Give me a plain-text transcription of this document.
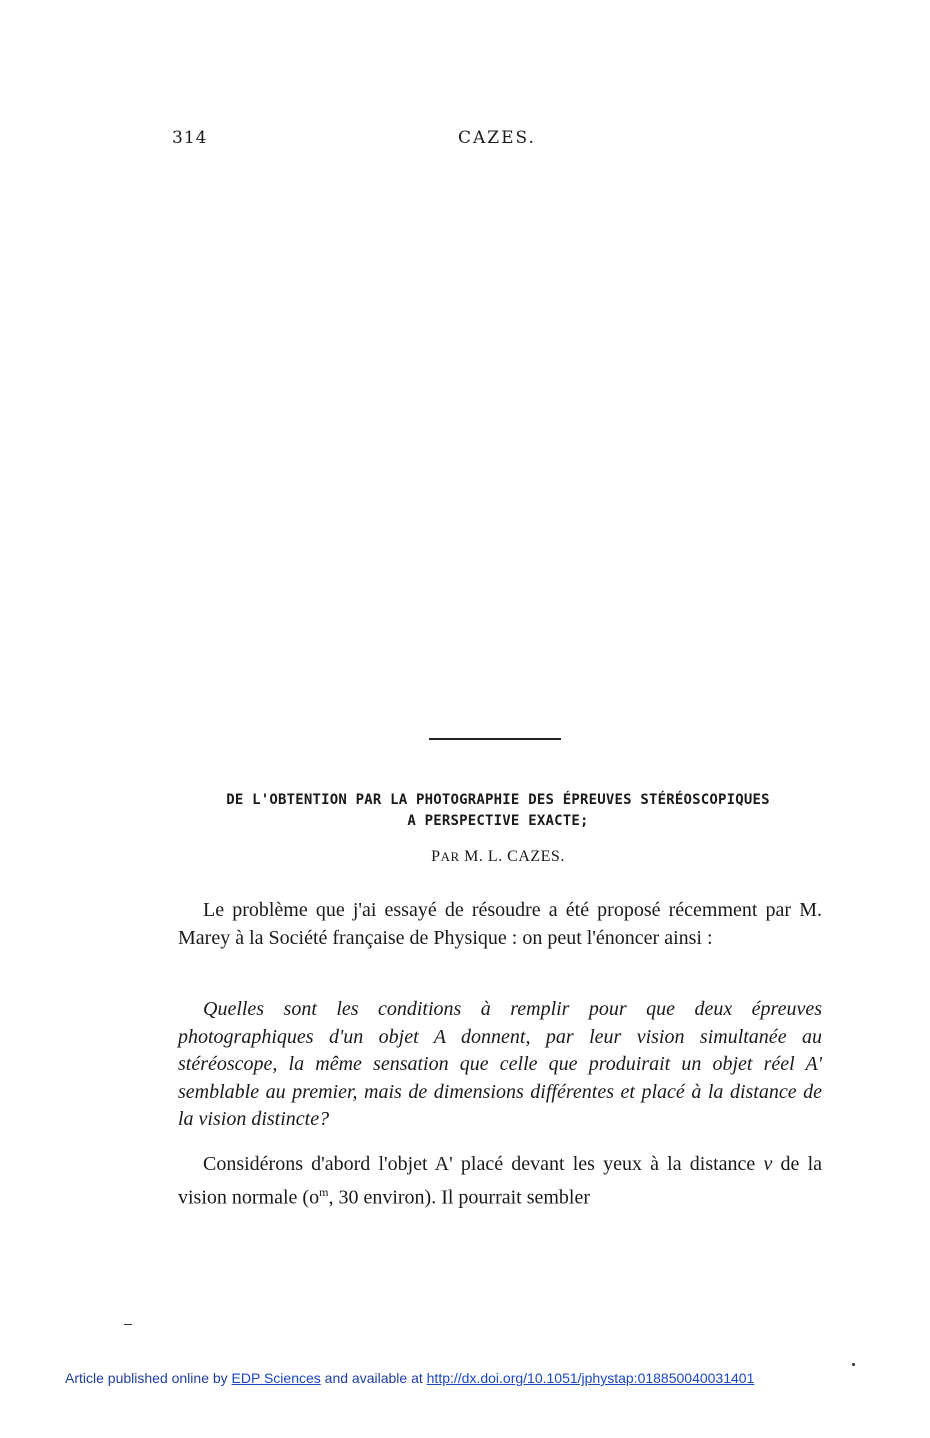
314	CAZES.
DE L'OBTENTION PAR LA PHOTOGRAPHIE DES ÉPREUVES STÉRÉOSCOPIQUES
A PERSPECTIVE EXACTE;
PAR M. L. CAZES.

Le problème que j'ai essayé de résoudre a été proposé récemment par M. Marey à la Société française de Physique : on peut l'énoncer ainsi :

Quelles sont les conditions à remplir pour que deux épreuves photographiques d'un objet A donnent, par leur vision simultanée au stéréoscope, la même sensation que celle que produirait un objet réel A' semblable au premier, mais de dimensions différentes et placé à la distance de la vision distincte?

Considérons d'abord l'objet A' placé devant les yeux à la distance v de la vision normale ($o^m$, 30 environ). Il pourrait sembler

Article published online by EDP Sciences and available at http://dx.doi.org/10.1051/jphystap:018850040031401
